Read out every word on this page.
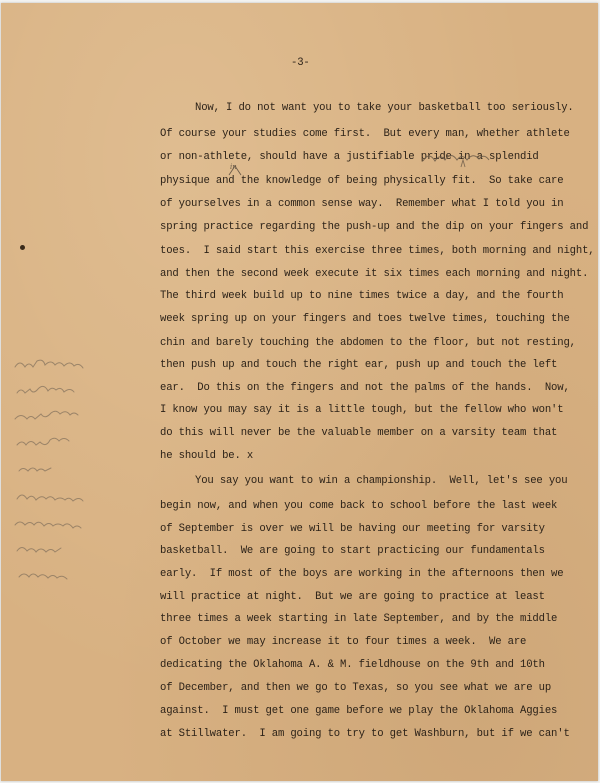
-3-
Now, I do not want you to take your basketball too seriously.
Of course your studies come first.  But every man, whether athlete
or non-athlete, should have a justifiable pride in a splendid
physique and the knowledge of being physically fit.  So take care
of yourselves in a common sense way.  Remember what I told you in
spring practice regarding the push-up and the dip on your fingers and
toes.  I said start this exercise three times, both morning and night,
and then the second week execute it six times each morning and night.
The third week build up to nine times twice a day, and the fourth
week spring up on your fingers and toes twelve times, touching the
chin and barely touching the abdomen to the floor, but not resting,
then push up and touch the right ear, push up and touch the left
ear.  Do this on the fingers and not the palms of the hands.  Now,
I know you may say it is a little tough, but the fellow who won't
do this will never be the valuable member on a varsity team that
he should be. x
You say you want to win a championship.  Well, let's see you
begin now, and when you come back to school before the last week
of September is over we will be having our meeting for varsity
basketball.  We are going to start practicing our fundamentals
early.  If most of the boys are working in the afternoons then we
will practice at night.  But we are going to practice at least
three times a week starting in late September, and by the middle
of October we may increase it to four times a week.  We are
dedicating the Oklahoma A. & M. fieldhouse on the 9th and 10th
of December, and then we go to Texas, so you see what we are up
against.  I must get one game before we play the Oklahoma Aggies
at Stillwater.  I am going to try to get Washburn, but if we can't
in
